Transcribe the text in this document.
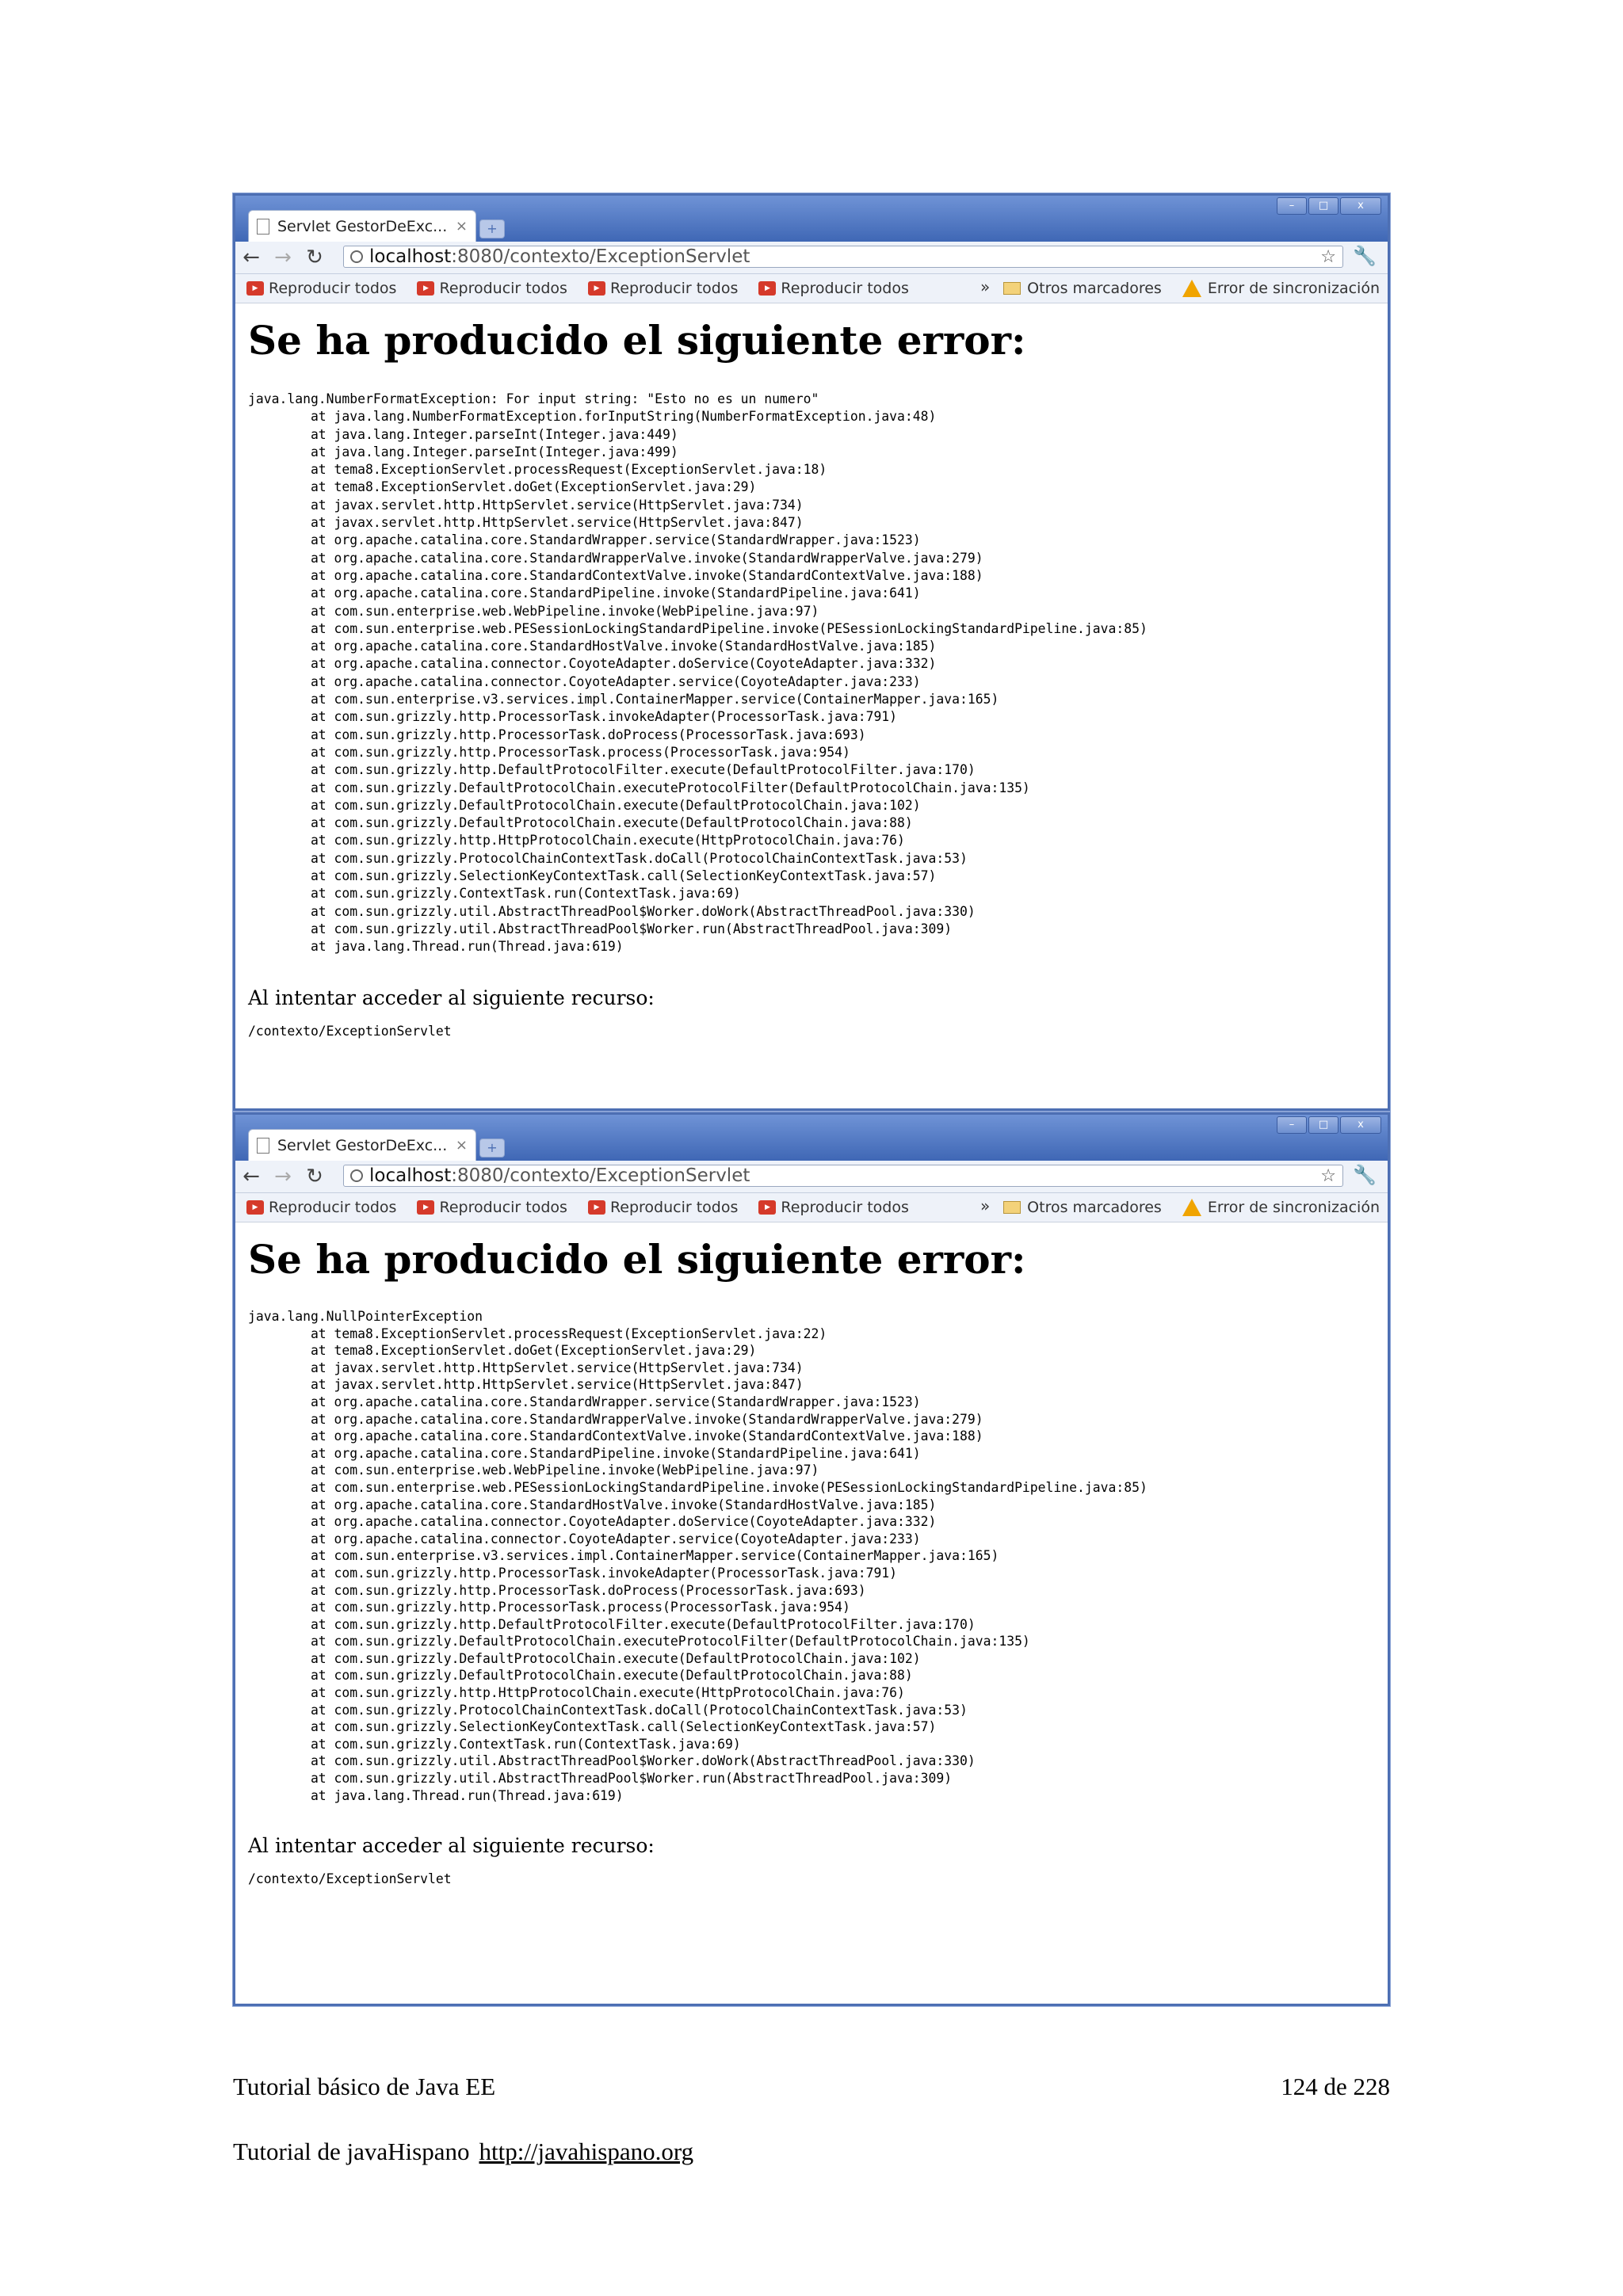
Servlet GestorDeExc... ×	+
–	□	x
← → ↻	localhost :8080/contexto/ExceptionServlet	☆ 🔧
▶ Reproducir todos	▶ Reproducir todos	▶ Reproducir todos	▶ Reproducir todos	» Otros marcadores	Error de sincronización
Se ha producido el siguiente error:
java.lang.NumberFormatException: For input string: "Esto no es un numero"
at java.lang.NumberFormatException.forInputString(NumberFormatException.java:48)
at java.lang.Integer.parseInt(Integer.java:449)
at java.lang.Integer.parseInt(Integer.java:499)
at tema8.ExceptionServlet.processRequest(ExceptionServlet.java:18)
at tema8.ExceptionServlet.doGet(ExceptionServlet.java:29)
at javax.servlet.http.HttpServlet.service(HttpServlet.java:734)
at javax.servlet.http.HttpServlet.service(HttpServlet.java:847)
at org.apache.catalina.core.StandardWrapper.service(StandardWrapper.java:1523)
at org.apache.catalina.core.StandardWrapperValve.invoke(StandardWrapperValve.java:279)
at org.apache.catalina.core.StandardContextValve.invoke(StandardContextValve.java:188)
at org.apache.catalina.core.StandardPipeline.invoke(StandardPipeline.java:641)
at com.sun.enterprise.web.WebPipeline.invoke(WebPipeline.java:97)
at com.sun.enterprise.web.PESessionLockingStandardPipeline.invoke(PESessionLockingStandardPipeline.java:85)
at org.apache.catalina.core.StandardHostValve.invoke(StandardHostValve.java:185)
at org.apache.catalina.connector.CoyoteAdapter.doService(CoyoteAdapter.java:332)
at org.apache.catalina.connector.CoyoteAdapter.service(CoyoteAdapter.java:233)
at com.sun.enterprise.v3.services.impl.ContainerMapper.service(ContainerMapper.java:165)
at com.sun.grizzly.http.ProcessorTask.invokeAdapter(ProcessorTask.java:791)
at com.sun.grizzly.http.ProcessorTask.doProcess(ProcessorTask.java:693)
at com.sun.grizzly.http.ProcessorTask.process(ProcessorTask.java:954)
at com.sun.grizzly.http.DefaultProtocolFilter.execute(DefaultProtocolFilter.java:170)
at com.sun.grizzly.DefaultProtocolChain.executeProtocolFilter(DefaultProtocolChain.java:135)
at com.sun.grizzly.DefaultProtocolChain.execute(DefaultProtocolChain.java:102)
at com.sun.grizzly.DefaultProtocolChain.execute(DefaultProtocolChain.java:88)
at com.sun.grizzly.http.HttpProtocolChain.execute(HttpProtocolChain.java:76)
at com.sun.grizzly.ProtocolChainContextTask.doCall(ProtocolChainContextTask.java:53)
at com.sun.grizzly.SelectionKeyContextTask.call(SelectionKeyContextTask.java:57)
at com.sun.grizzly.ContextTask.run(ContextTask.java:69)
at com.sun.grizzly.util.AbstractThreadPool$Worker.doWork(AbstractThreadPool.java:330)
at com.sun.grizzly.util.AbstractThreadPool$Worker.run(AbstractThreadPool.java:309)
at java.lang.Thread.run(Thread.java:619)
Al intentar acceder al siguiente recurso:
/contexto/ExceptionServlet
Servlet GestorDeExc... ×	+
–	□	x
← → ↻	localhost :8080/contexto/ExceptionServlet	☆ 🔧
▶ Reproducir todos	▶ Reproducir todos	▶ Reproducir todos	▶ Reproducir todos	» Otros marcadores	Error de sincronización
Se ha producido el siguiente error:
java.lang.NullPointerException
at tema8.ExceptionServlet.processRequest(ExceptionServlet.java:22)
at tema8.ExceptionServlet.doGet(ExceptionServlet.java:29)
at javax.servlet.http.HttpServlet.service(HttpServlet.java:734)
at javax.servlet.http.HttpServlet.service(HttpServlet.java:847)
at org.apache.catalina.core.StandardWrapper.service(StandardWrapper.java:1523)
at org.apache.catalina.core.StandardWrapperValve.invoke(StandardWrapperValve.java:279)
at org.apache.catalina.core.StandardContextValve.invoke(StandardContextValve.java:188)
at org.apache.catalina.core.StandardPipeline.invoke(StandardPipeline.java:641)
at com.sun.enterprise.web.WebPipeline.invoke(WebPipeline.java:97)
at com.sun.enterprise.web.PESessionLockingStandardPipeline.invoke(PESessionLockingStandardPipeline.java:85)
at org.apache.catalina.core.StandardHostValve.invoke(StandardHostValve.java:185)
at org.apache.catalina.connector.CoyoteAdapter.doService(CoyoteAdapter.java:332)
at org.apache.catalina.connector.CoyoteAdapter.service(CoyoteAdapter.java:233)
at com.sun.enterprise.v3.services.impl.ContainerMapper.service(ContainerMapper.java:165)
at com.sun.grizzly.http.ProcessorTask.invokeAdapter(ProcessorTask.java:791)
at com.sun.grizzly.http.ProcessorTask.doProcess(ProcessorTask.java:693)
at com.sun.grizzly.http.ProcessorTask.process(ProcessorTask.java:954)
at com.sun.grizzly.http.DefaultProtocolFilter.execute(DefaultProtocolFilter.java:170)
at com.sun.grizzly.DefaultProtocolChain.executeProtocolFilter(DefaultProtocolChain.java:135)
at com.sun.grizzly.DefaultProtocolChain.execute(DefaultProtocolChain.java:102)
at com.sun.grizzly.DefaultProtocolChain.execute(DefaultProtocolChain.java:88)
at com.sun.grizzly.http.HttpProtocolChain.execute(HttpProtocolChain.java:76)
at com.sun.grizzly.ProtocolChainContextTask.doCall(ProtocolChainContextTask.java:53)
at com.sun.grizzly.SelectionKeyContextTask.call(SelectionKeyContextTask.java:57)
at com.sun.grizzly.ContextTask.run(ContextTask.java:69)
at com.sun.grizzly.util.AbstractThreadPool$Worker.doWork(AbstractThreadPool.java:330)
at com.sun.grizzly.util.AbstractThreadPool$Worker.run(AbstractThreadPool.java:309)
at java.lang.Thread.run(Thread.java:619)
Al intentar acceder al siguiente recurso:
/contexto/ExceptionServlet
Tutorial básico de Java EE	124 de 228
Tutorial de javaHispano http://javahispano.org
